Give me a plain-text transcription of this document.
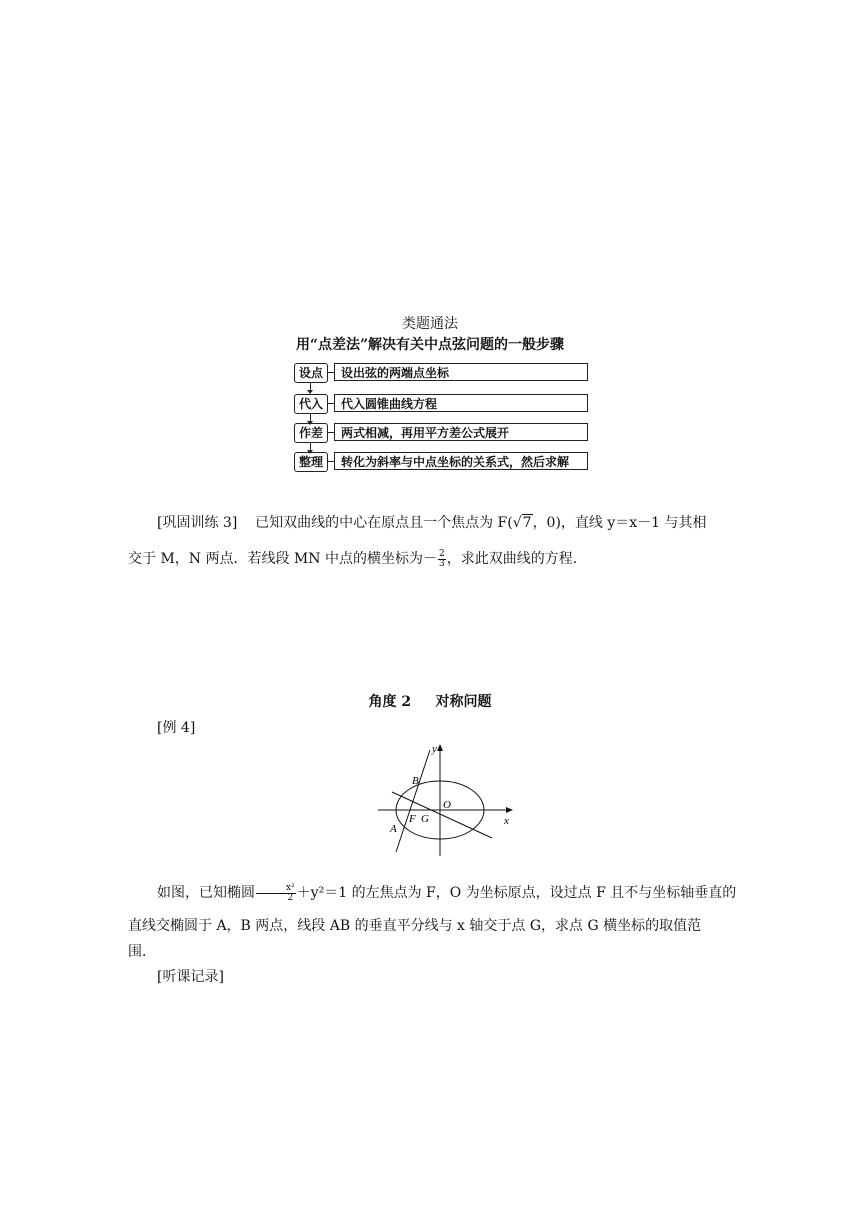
类题通法
用“点差法”解决有关中点弦问题的一般步骤
设点	设出弦的两端点坐标
代入	代入圆锥曲线方程
作差	两式相减，再用平方差公式展开
整理	转化为斜率与中点坐标的关系式，然后求解
[巩固训练 3] 已知双曲线的中心在原点且一个焦点为 F(√7，0)，直线 y＝x－1 与其相
交于 M，N 两点．若线段 MN 中点的横坐标为－ $\frac{2}{3}$ ，求此双曲线的方程．
角度 2 对称问题
[例 4]
y
x
B
O
A
F G
如图，已知椭圆 $\frac{\text{x²}}{2} +y^2=1$ 的左焦点为 F，O 为坐标原点，设过点 F 且不与坐标轴垂直的
直线交椭圆于 A，B 两点，线段 AB 的垂直平分线与 x 轴交于点 G，求点 G 横坐标的取值范
围．
[听课记录]
